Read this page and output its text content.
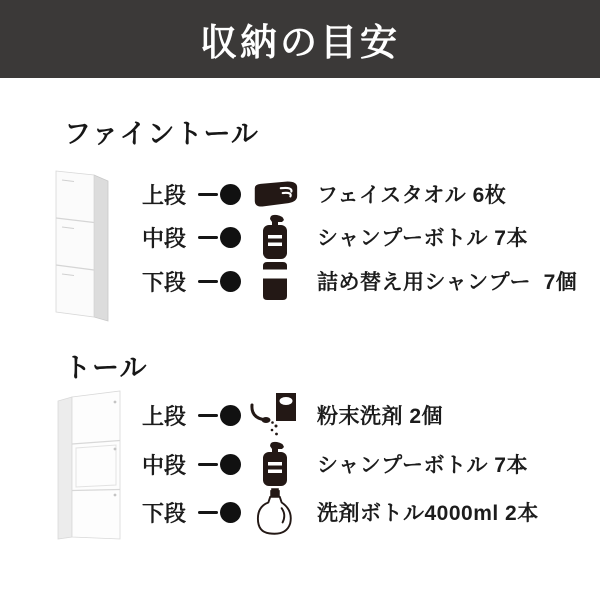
収納の目安
ファイントール
上段	フェイスタオル 6枚
中段	シャンプーボトル 7本
下段	詰め替え用シャンプー  7個
トール
上段	粉末洗剤 2個
中段	シャンプーボトル 7本
下段	洗剤ボトル4000ml 2本
